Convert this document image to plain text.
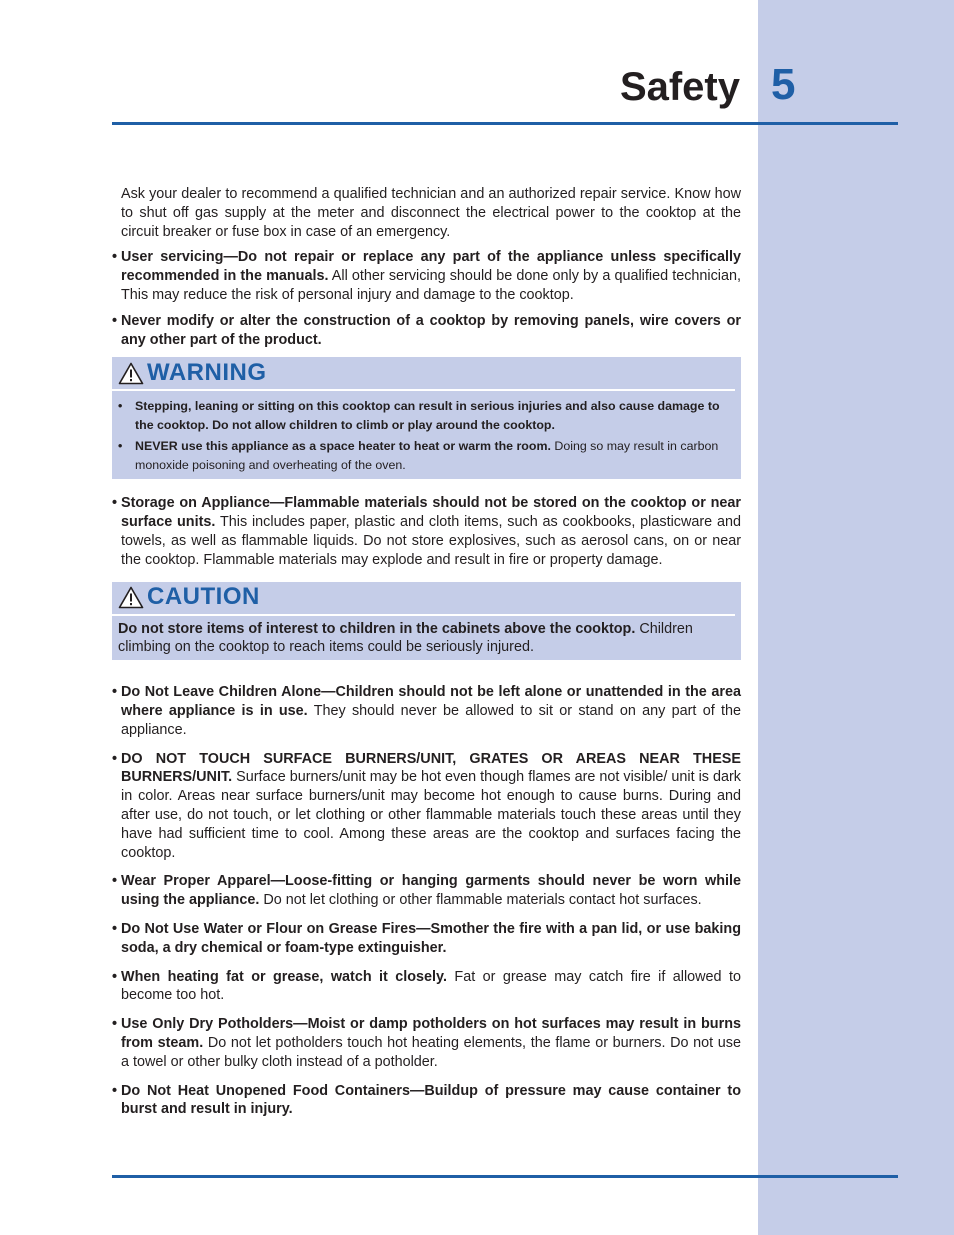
Safety 5

Ask your dealer to recommend a qualified technician and an authorized repair service. Know how to shut off gas supply at the meter and disconnect the electrical power to the cooktop at the circuit breaker or fuse box in case of an emergency.

• User servicing—Do not repair or replace any part of the appliance unless specifically recommended in the manuals. All other servicing should be done only by a qualified technician, This may reduce the risk of personal injury and damage to the cooktop.
• Never modify or alter the construction of a cooktop by removing panels, wire covers or any other part of the product.
WARNING
• Stepping, leaning or sitting on this cooktop can result in serious injuries and also cause damage to the cooktop. Do not allow children to climb or play around the cooktop.
• NEVER use this appliance as a space heater to heat or warm the room. Doing so may result in carbon monoxide poisoning and overheating of the oven.
• Storage on Appliance—Flammable materials should not be stored on the cooktop or near surface units. This includes paper, plastic and cloth items, such as cookbooks, plasticware and towels, as well as flammable liquids. Do not store explosives, such as aerosol cans, on or near the cooktop. Flammable materials may explode and result in fire or property damage.
CAUTION
Do not store items of interest to children in the cabinets above the cooktop. Children climbing on the cooktop to reach items could be seriously injured.
• Do Not Leave Children Alone—Children should not be left alone or unattended in the area where appliance is in use. They should never be allowed to sit or stand on any part of the appliance.
• DO NOT TOUCH SURFACE BURNERS/UNIT, GRATES OR AREAS NEAR THESE BURNERS/UNIT. Surface burners/unit may be hot even though flames are not visible/ unit is dark in color. Areas near surface burners/unit may become hot enough to cause burns. During and after use, do not touch, or let clothing or other flammable materials touch these areas until they have had sufficient time to cool. Among these areas are the cooktop and surfaces facing the cooktop.
• Wear Proper Apparel—Loose-fitting or hanging garments should never be worn while using the appliance. Do not let clothing or other flammable materials contact hot surfaces.
• Do Not Use Water or Flour on Grease Fires—Smother the fire with a pan lid, or use baking soda, a dry chemical or foam-type extinguisher.
• When heating fat or grease, watch it closely. Fat or grease may catch fire if allowed to become too hot.
• Use Only Dry Potholders—Moist or damp potholders on hot surfaces may result in burns from steam. Do not let potholders touch hot heating elements, the flame or burners. Do not use a towel or other bulky cloth instead of a potholder.
• Do Not Heat Unopened Food Containers—Buildup of pressure may cause container to burst and result in injury.
